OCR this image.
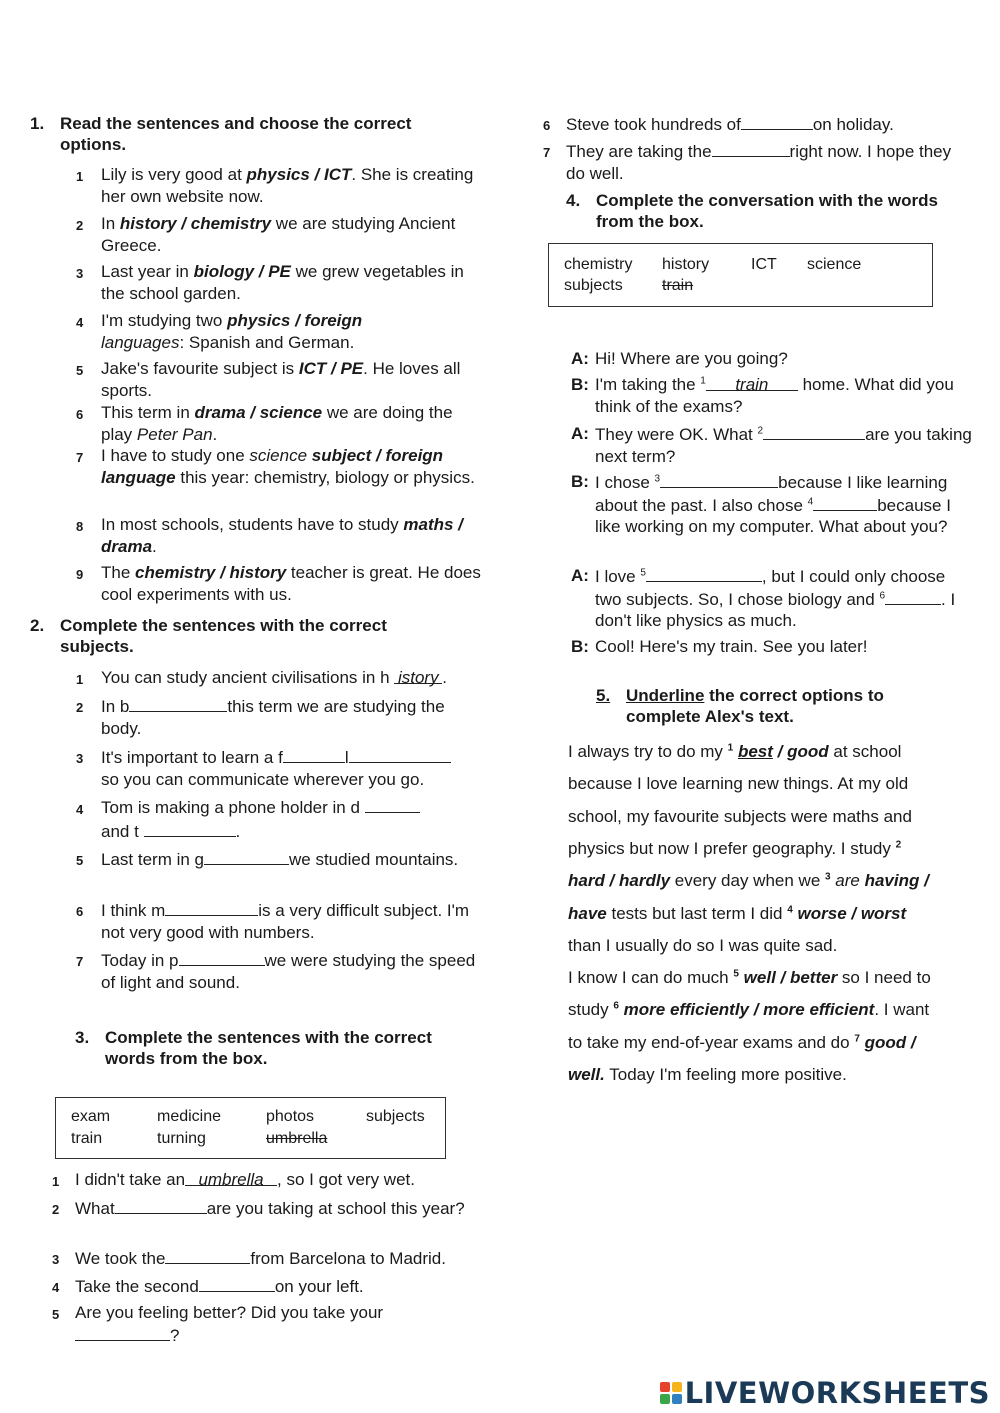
1. Read the sentences and choose the correct options.
1	Lily is very good at physics / ICT. She is creating her own website now.
2	In history / chemistry we are studying Ancient Greece.
3	Last year in biology / PE we grew vegetables in the school garden.
4	I'm studying two physics / foreign
languages: Spanish and German.
5	Jake's favourite subject is ICT / PE. He loves all sports.
6	This term in drama / science we are doing the play Peter Pan.
7	I have to study one science subject / foreign language this year: chemistry, biology or physics.
8	In most schools, students have to study maths / drama.
9	The chemistry / history teacher is great. He does cool experiments with us.
2. Complete the sentences with the correct subjects.
1	You can study ancient civilisations in h istory .
2	In b	this term we are studying the body.
3	It's important to learn a f	l
so you can communicate wherever you go.
4	Tom is making a phone holder in d
and t	.
5	Last term in g	we studied mountains.
6	I think m	is a very difficult subject. I'm not very good with numbers.
7	Today in p	we were studying the speed of light and sound.
3. Complete the sentences with the correct words from the box.
exam	medicine	photos	subjects
train	turning	umbrella
1 I didn't take an umbrella , so I got very wet.
2 What	are you taking at school this year?
3 We took the	from Barcelona to Madrid.
4 Take the second	on your left.
5 Are you feeling better? Did you take your
?
6 Steve took hundreds of	on holiday.
7 They are taking the	right now. I hope they do well.
4. Complete the conversation with the words from the box.
chemistry history	ICT science
subjects train
A: Hi! Where are you going?
B: I'm taking the $^1$ train home. What did you think of the exams?
A: They were OK. What $^2$	are you taking next term?
B: I chose $^3$	because I like learning about the past. I also chose $^4$	because I like working on my computer. What about you?
A: I love $^5$	, but I could only choose two subjects. So, I chose biology and $^6$	. I don't like physics as much.
B: Cool! Here's my train. See you later!
5. Underline the correct options to
complete Alex's text.
I always try to do my $^1$ best / good at school
because I love learning new things. At my old
school, my favourite subjects were maths and
physics but now I prefer geography. I study $^2$
hard / hardly every day when we $^3$ are having /
have tests but last term I did $^4$ worse / worst
than I usually do so I was quite sad.
I know I can do much $^5$ well / better so I need to
study $^6$ more efficiently / more efficient. I want
to take my end-of-year exams and do $^7$ good /
well. Today I'm feeling more positive.
LIVEWORKSHEETS
